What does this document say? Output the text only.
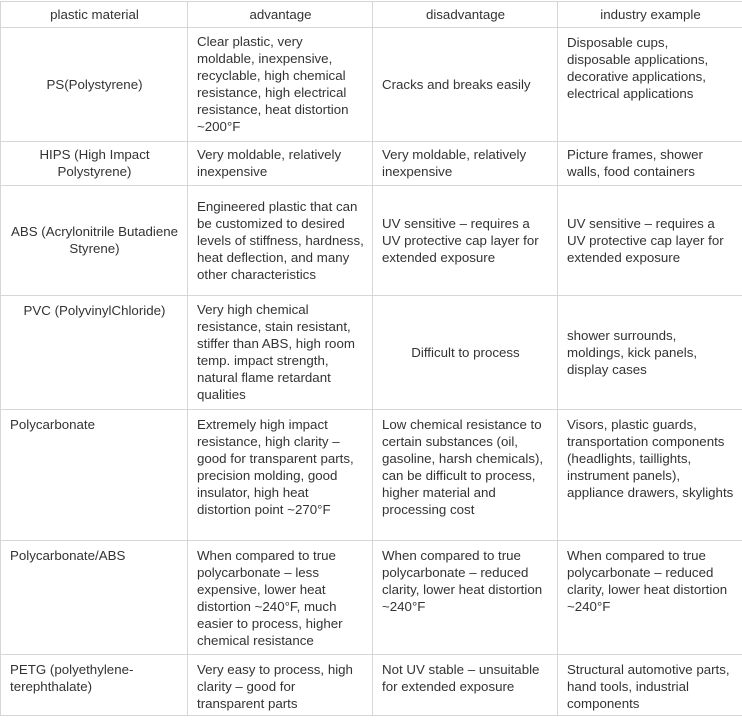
plastic material	advantage	disadvantage	industry example
PS(Polystyrene)	Clear plastic, very moldable, inexpensive, recyclable, high chemical resistance, high electrical resistance, heat distortion ~200°F	Cracks and breaks easily	Disposable cups, disposable applications, decorative applications, electrical applications
HIPS (High Impact Polystyrene)	Very moldable, relatively inexpensive	Very moldable, relatively inexpensive	Picture frames, shower walls, food containers
ABS (Acrylonitrile Butadiene Styrene)	Engineered plastic that can be customized to desired levels of stiffness, hardness, heat deflection, and many other characteristics	UV sensitive – requires a UV protective cap layer for extended exposure	UV sensitive – requires a UV protective cap layer for extended exposure
PVC (PolyvinylChloride)	Very high chemical resistance, stain resistant, stiffer than ABS, high room temp. impact strength, natural flame retardant qualities	Difficult to process	shower surrounds, moldings, kick panels, display cases
Polycarbonate	Extremely high impact resistance, high clarity – good for transparent parts, precision molding, good insulator, high heat distortion point ~270°F	Low chemical resistance to certain substances (oil, gasoline, harsh chemicals), can be difficult to process, higher material and processing cost	Visors, plastic guards, transportation components (headlights, taillights, instrument panels), appliance drawers, skylights
Polycarbonate/ABS	When compared to true polycarbonate – less expensive, lower heat distortion ~240°F, much easier to process, higher chemical resistance	When compared to true polycarbonate – reduced clarity, lower heat distortion ~240°F	When compared to true polycarbonate – reduced clarity, lower heat distortion ~240°F
PETG (polyethylene-terephthalate)	Very easy to process, high clarity – good for transparent parts	Not UV stable – unsuitable for extended exposure	Structural automotive parts, hand tools, industrial components
